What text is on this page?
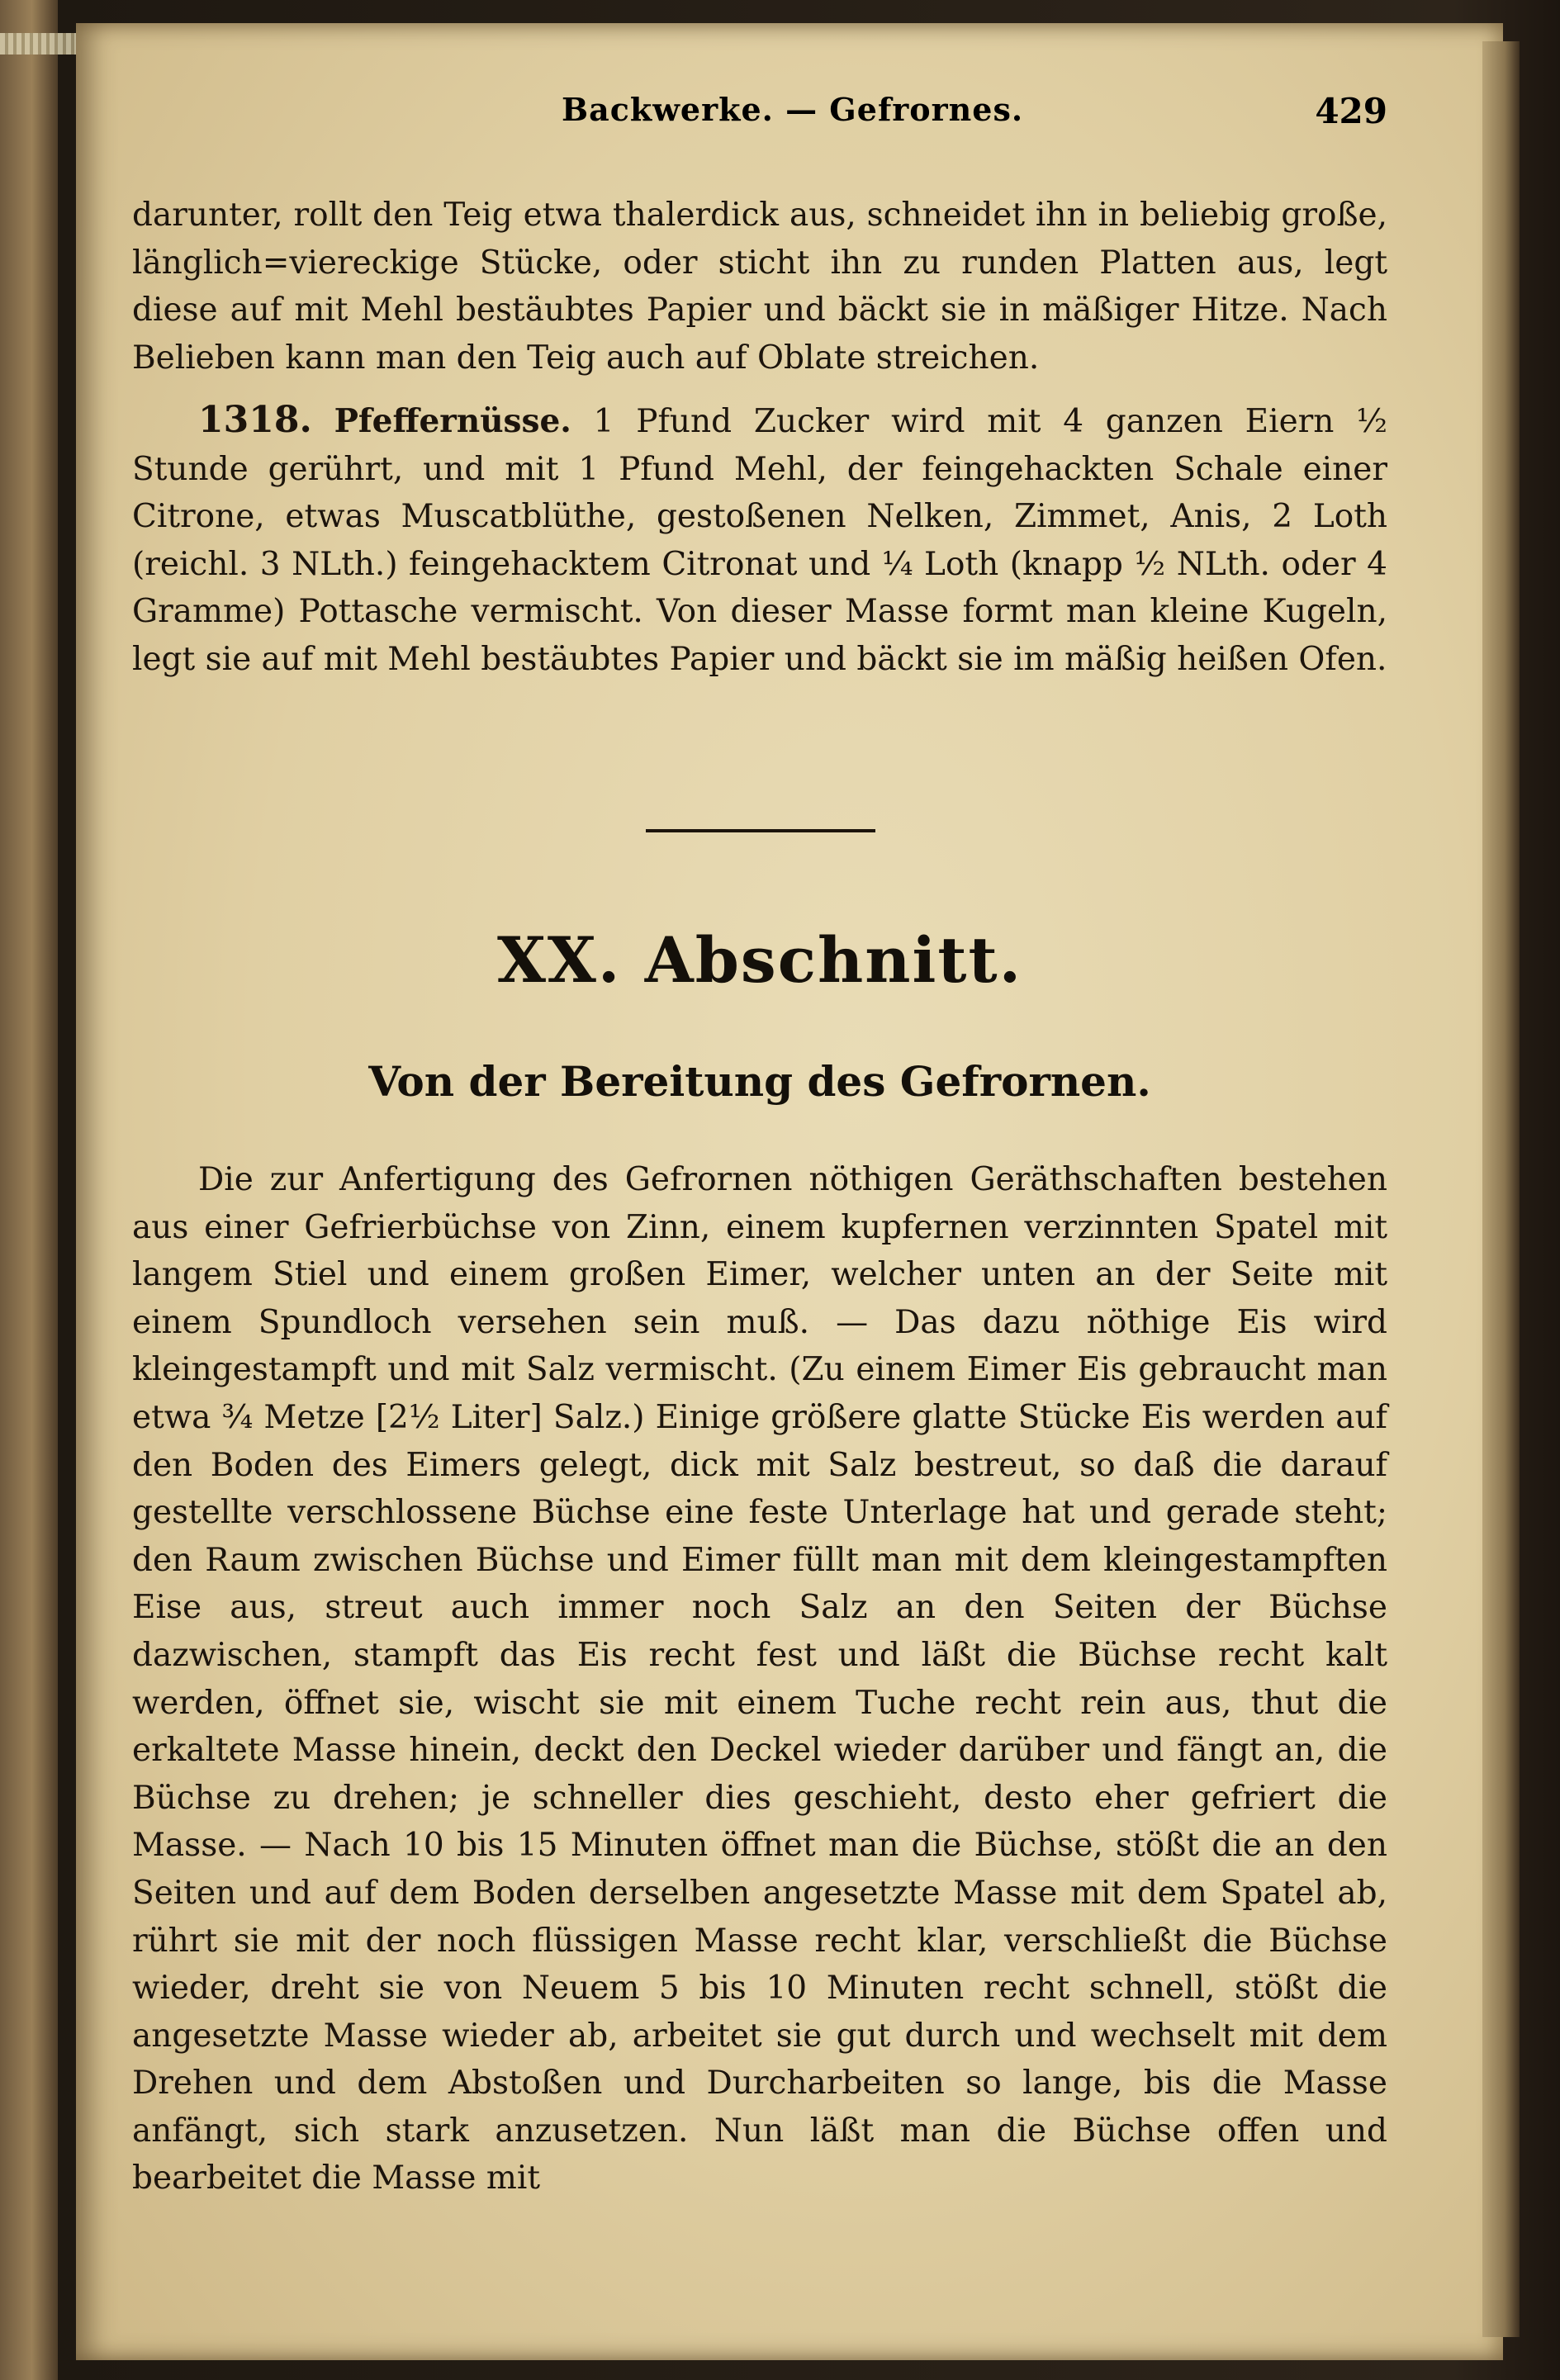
Backwerke. — Gefrornes.	429

darunter, rollt den Teig etwa thalerdick aus, schneidet ihn in beliebig große, länglich=viereckige Stücke, oder sticht ihn zu runden Platten aus, legt diese auf mit Mehl bestäubtes Papier und bäckt sie in mäßiger Hitze. Nach Belieben kann man den Teig auch auf Oblate streichen.

1318. Pfeffernüsse. 1 Pfund Zucker wird mit 4 ganzen Eiern ½ Stunde gerührt, und mit 1 Pfund Mehl, der feingehackten Schale einer Citrone, etwas Muscatblüthe, gestoßenen Nelken, Zimmet, Anis, 2 Loth (reichl. 3 NLth.) feingehacktem Citronat und ¼ Loth (knapp ½ NLth. oder 4 Gramme) Pottasche vermischt. Von dieser Masse formt man kleine Kugeln, legt sie auf mit Mehl bestäubtes Papier und bäckt sie im mäßig heißen Ofen.

XX. Abschnitt.
Von der Bereitung des Gefrornen.

Die zur Anfertigung des Gefrornen nöthigen Geräthschaften bestehen aus einer Gefrierbüchse von Zinn, einem kupfernen verzinnten Spatel mit langem Stiel und einem großen Eimer, welcher unten an der Seite mit einem Spundloch versehen sein muß. — Das dazu nöthige Eis wird kleingestampft und mit Salz vermischt. (Zu einem Eimer Eis gebraucht man etwa ¾ Metze [2½ Liter] Salz.) Einige größere glatte Stücke Eis werden auf den Boden des Eimers gelegt, dick mit Salz bestreut, so daß die darauf gestellte verschlossene Büchse eine feste Unterlage hat und gerade steht; den Raum zwischen Büchse und Eimer füllt man mit dem kleingestampften Eise aus, streut auch immer noch Salz an den Seiten der Büchse dazwischen, stampft das Eis recht fest und läßt die Büchse recht kalt werden, öffnet sie, wischt sie mit einem Tuche recht rein aus, thut die erkaltete Masse hinein, deckt den Deckel wieder darüber und fängt an, die Büchse zu drehen; je schneller dies geschieht, desto eher gefriert die Masse. — Nach 10 bis 15 Minuten öffnet man die Büchse, stößt die an den Seiten und auf dem Boden derselben angesetzte Masse mit dem Spatel ab, rührt sie mit der noch flüssigen Masse recht klar, verschließt die Büchse wieder, dreht sie von Neuem 5 bis 10 Minuten recht schnell, stößt die angesetzte Masse wieder ab, arbeitet sie gut durch und wechselt mit dem Drehen und dem Abstoßen und Durcharbeiten so lange, bis die Masse anfängt, sich stark anzusetzen. Nun läßt man die Büchse offen und bearbeitet die Masse mit
